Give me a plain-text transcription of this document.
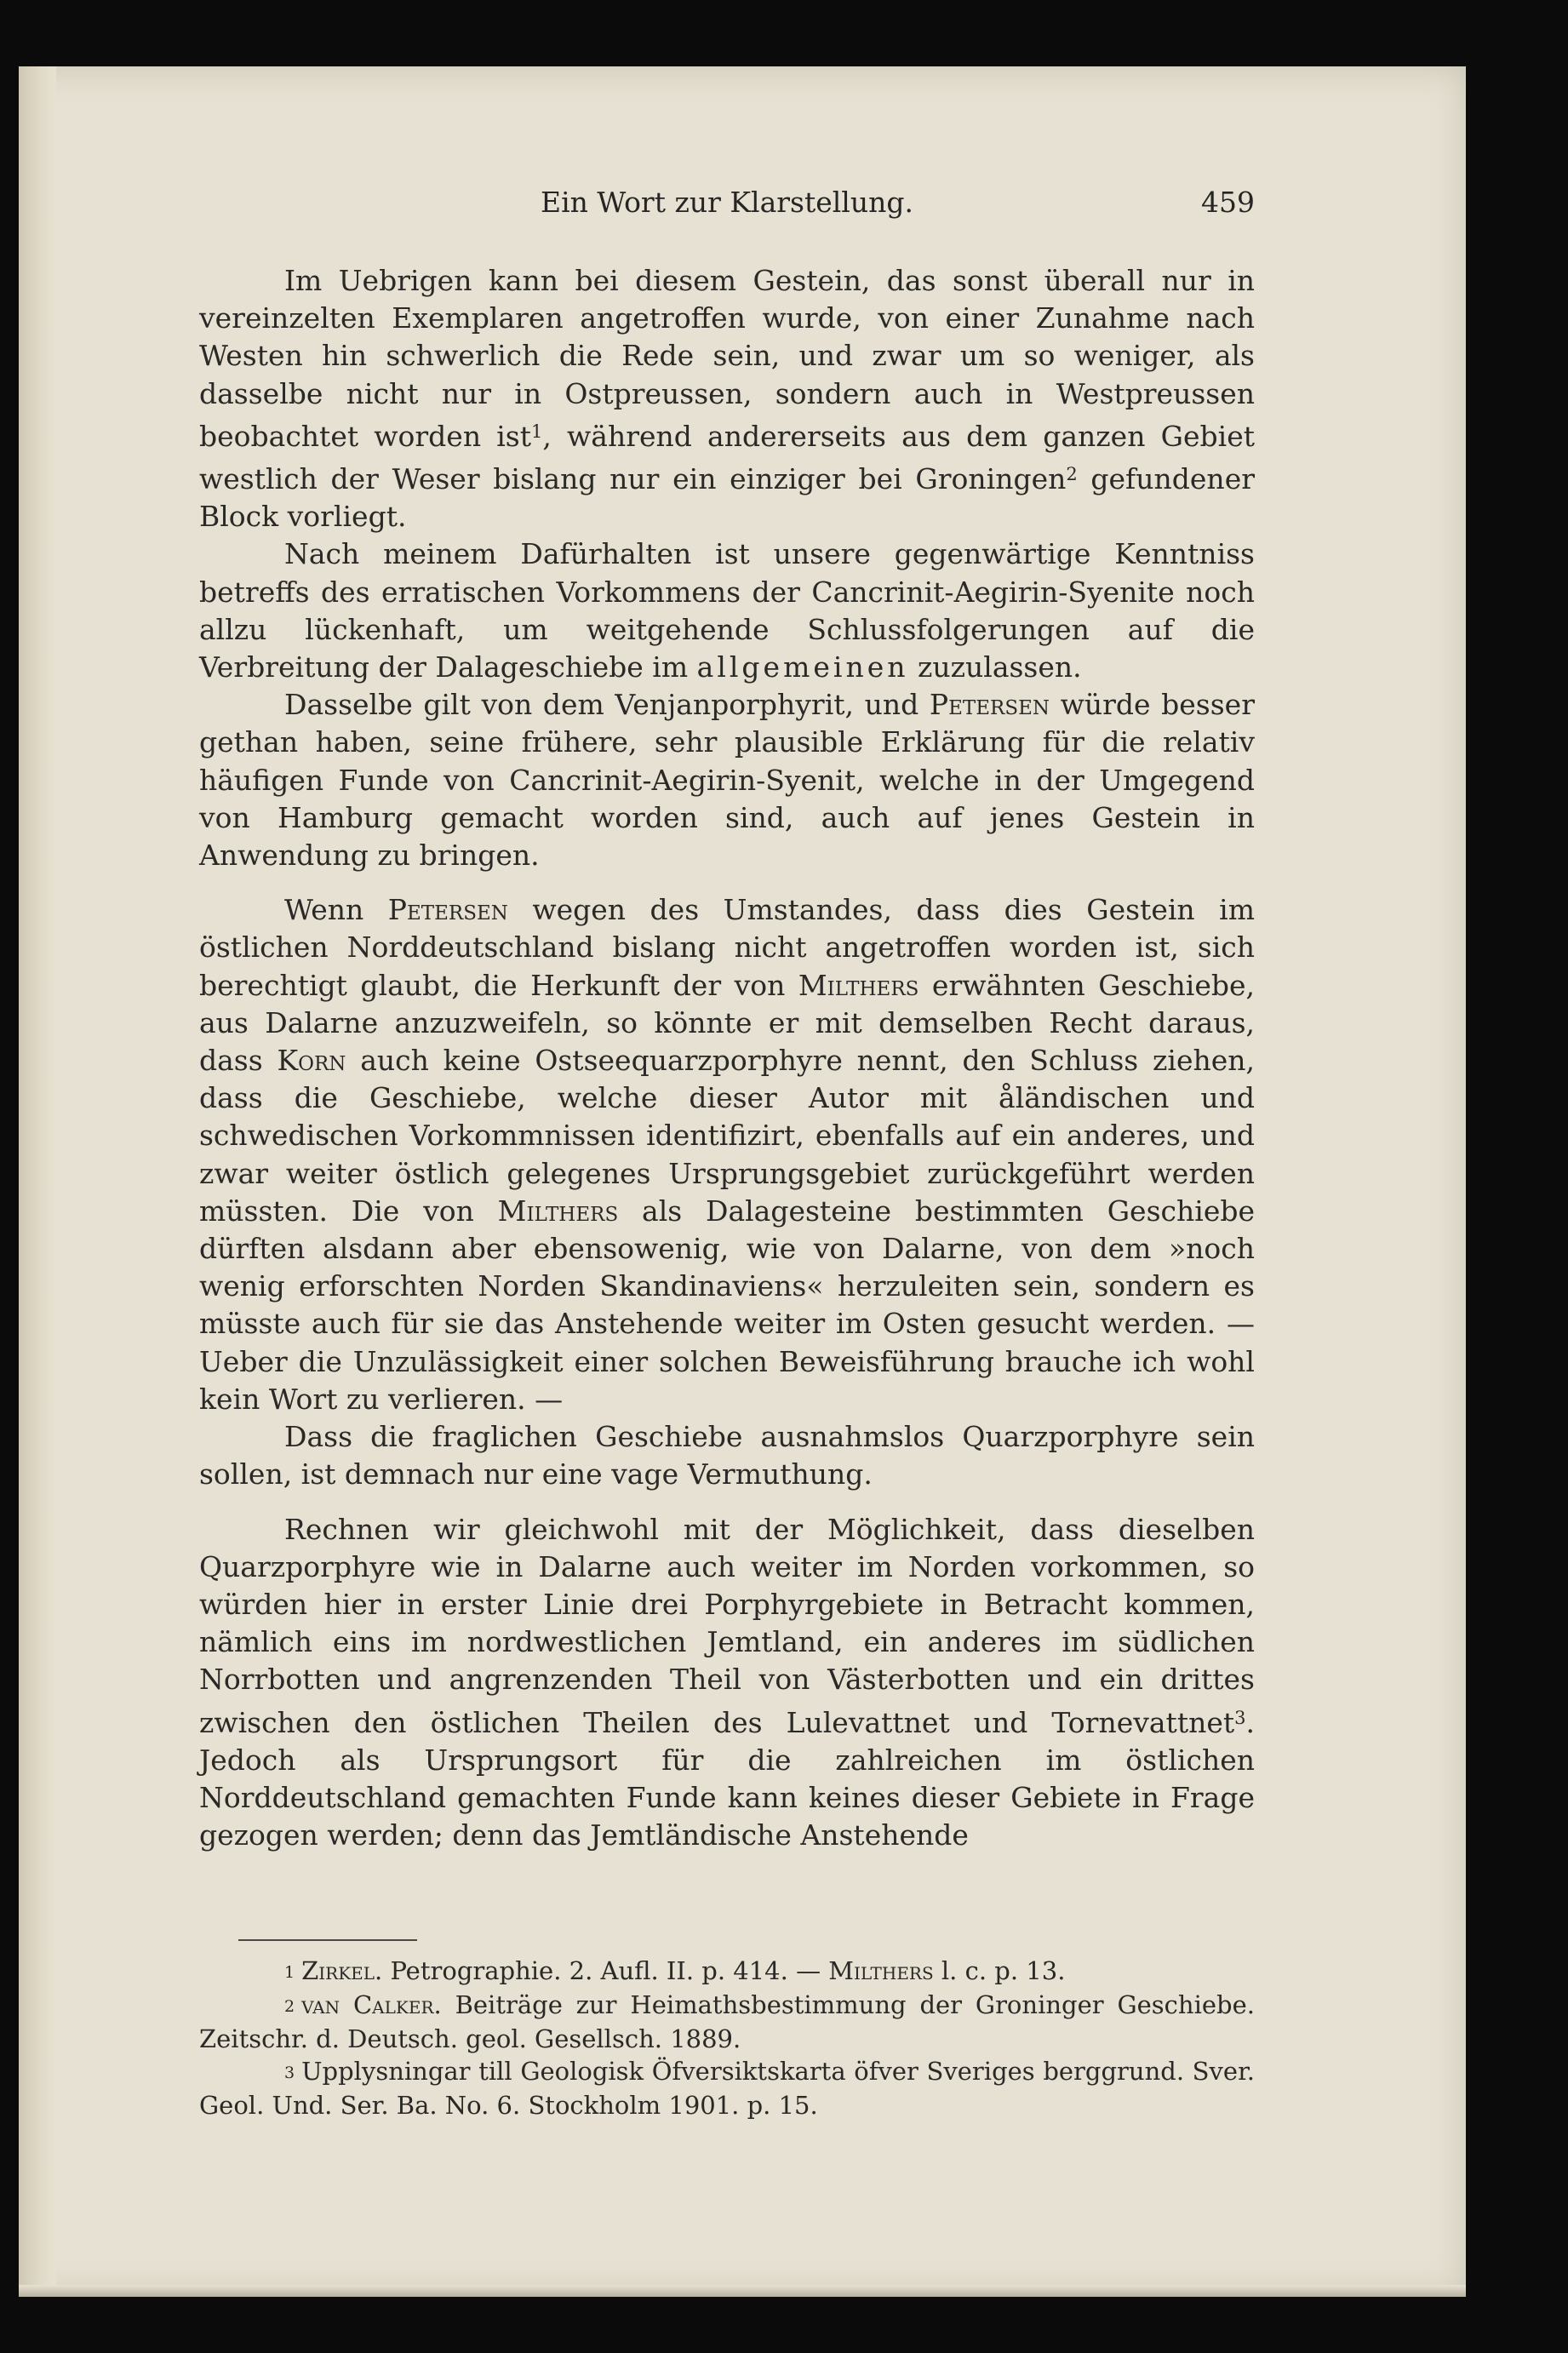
Ein Wort zur Klarstellung.	459

Im Uebrigen kann bei diesem Gestein, das sonst überall nur in vereinzelten Exemplaren angetroffen wurde, von einer Zunahme nach Westen hin schwerlich die Rede sein, und zwar um so weniger, als dasselbe nicht nur in Ostpreussen, sondern auch in Westpreussen beobachtet worden ist$^1$, während andererseits aus dem ganzen Gebiet westlich der Weser bislang nur ein einziger bei Groningen$^2$ gefundener Block vorliegt.

Nach meinem Dafürhalten ist unsere gegenwärtige Kenntniss betreffs des erratischen Vorkommens der Cancrinit-Aegirin-Syenite noch allzu lückenhaft, um weitgehende Schlussfolgerungen auf die Verbreitung der Dalageschiebe im allgemeinen zuzulassen.

Dasselbe gilt von dem Venjanporphyrit, und Petersen würde besser gethan haben, seine frühere, sehr plausible Erklärung für die relativ häufigen Funde von Cancrinit-Aegirin-Syenit, welche in der Umgegend von Hamburg gemacht worden sind, auch auf jenes Gestein in Anwendung zu bringen.

Wenn Petersen wegen des Umstandes, dass dies Gestein im östlichen Norddeutschland bislang nicht angetroffen worden ist, sich berechtigt glaubt, die Herkunft der von Milthers erwähnten Geschiebe, aus Dalarne anzuzweifeln, so könnte er mit demselben Recht daraus, dass Korn auch keine Ostseequarzporphyre nennt, den Schluss ziehen, dass die Geschiebe, welche dieser Autor mit åländischen und schwedischen Vorkommnissen identifizirt, ebenfalls auf ein anderes, und zwar weiter östlich gelegenes Ursprungsgebiet zurückgeführt werden müssten. Die von Milthers als Dalagesteine bestimmten Geschiebe dürften alsdann aber ebensowenig, wie von Dalarne, von dem »noch wenig erforschten Norden Skandinaviens« herzuleiten sein, sondern es müsste auch für sie das Anstehende weiter im Osten gesucht werden. — Ueber die Unzulässigkeit einer solchen Beweisführung brauche ich wohl kein Wort zu verlieren. —

Dass die fraglichen Geschiebe ausnahmslos Quarzporphyre sein sollen, ist demnach nur eine vage Vermuthung.

Rechnen wir gleichwohl mit der Möglichkeit, dass dieselben Quarzporphyre wie in Dalarne auch weiter im Norden vorkommen, so würden hier in erster Linie drei Porphyrgebiete in Betracht kommen, nämlich eins im nordwestlichen Jemtland, ein anderes im südlichen Norrbotten und angrenzenden Theil von Västerbotten und ein drittes zwischen den östlichen Theilen des Lulevattnet und Tornevattnet$^3$. Jedoch als Ursprungsort für die zahlreichen im östlichen Norddeutschland gemachten Funde kann keines dieser Gebiete in Frage gezogen werden; denn das Jemtländische Anstehende

$^1$ Zirkel. Petrographie. 2. Aufl. II. p. 414. — Milthers l. c. p. 13.

$^2$ van Calker. Beiträge zur Heimathsbestimmung der Groninger Geschiebe. Zeitschr. d. Deutsch. geol. Gesellsch. 1889.

$^3$ Upplysningar till Geologisk Öfversiktskarta öfver Sveriges berggrund. Sver. Geol. Und. Ser. Ba. No. 6. Stockholm 1901. p. 15.
